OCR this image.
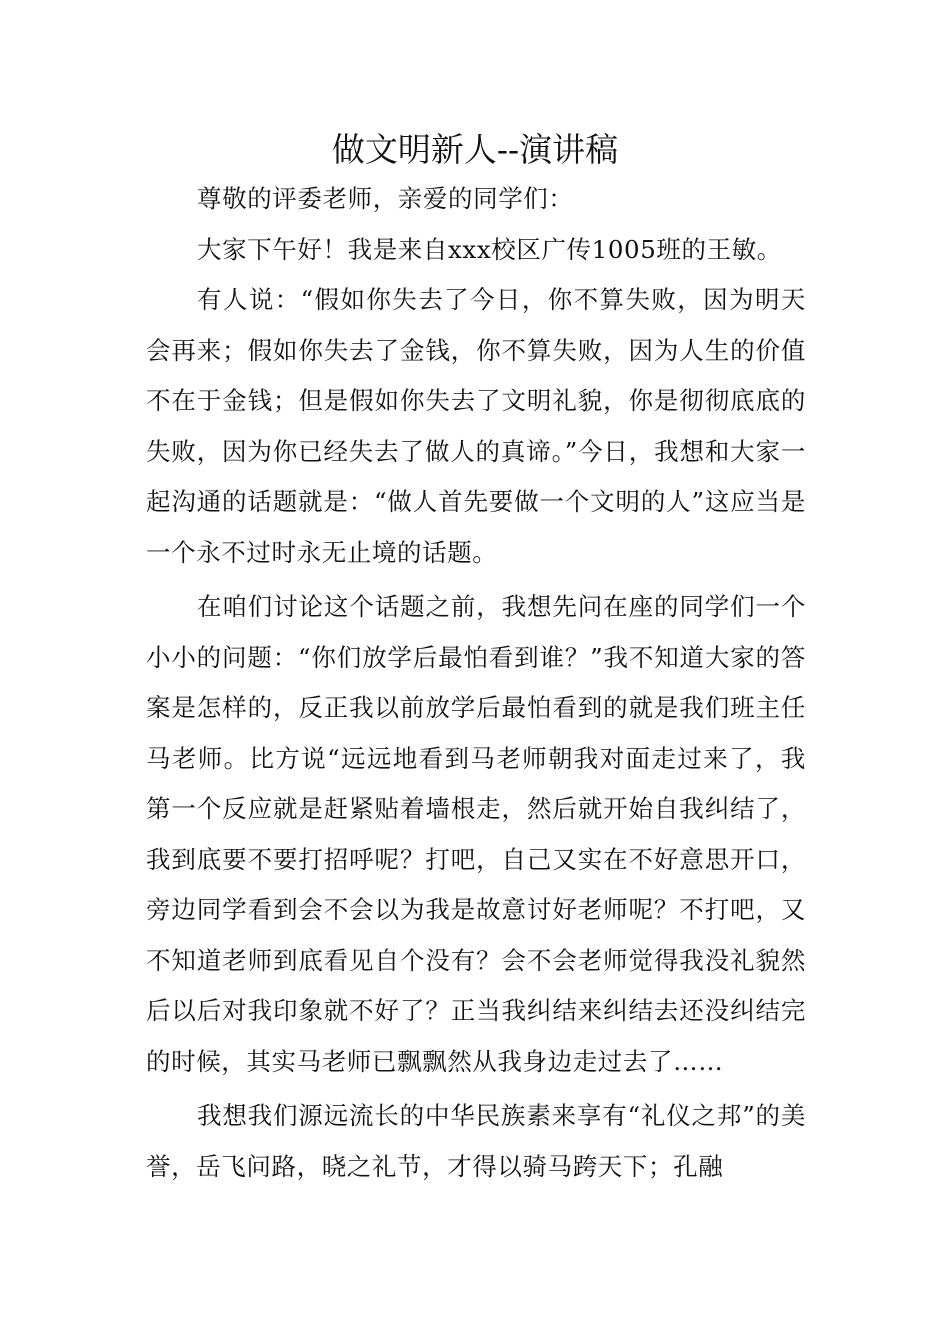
做文明新人--演讲稿

尊敬的评委老师，亲爱的同学们：

大家下午好！我是来自xxx校区广传1005班的王敏。

有人说：“假如你失去了今日，你不算失败，因为明天会再来；假如你失去了金钱，你不算失败，因为人生的价值不在于金钱；但是假如你失去了文明礼貌，你是彻彻底底的失败，因为你已经失去了做人的真谛。”今日，我想和大家一起沟通的话题就是：“做人首先要做一个文明的人”这应当是一个永不过时永无止境的话题。

在咱们讨论这个话题之前，我想先问在座的同学们一个小小的问题：“你们放学后最怕看到谁？”我不知道大家的答案是怎样的，反正我以前放学后最怕看到的就是我们班主任马老师。比方说“远远地看到马老师朝我对面走过来了，我第一个反应就是赶紧贴着墙根走，然后就开始自我纠结了，我到底要不要打招呼呢？打吧，自己又实在不好意思开口，旁边同学看到会不会以为我是故意讨好老师呢？不打吧，又不知道老师到底看见自个没有？会不会老师觉得我没礼貌然后以后对我印象就不好了？正当我纠结来纠结去还没纠结完的时候，其实马老师已飘飘然从我身边走过去了……

我想我们源远流长的中华民族素来享有“礼仪之邦”的美誉，岳飞问路，晓之礼节，才得以骑马跨天下；孔融
